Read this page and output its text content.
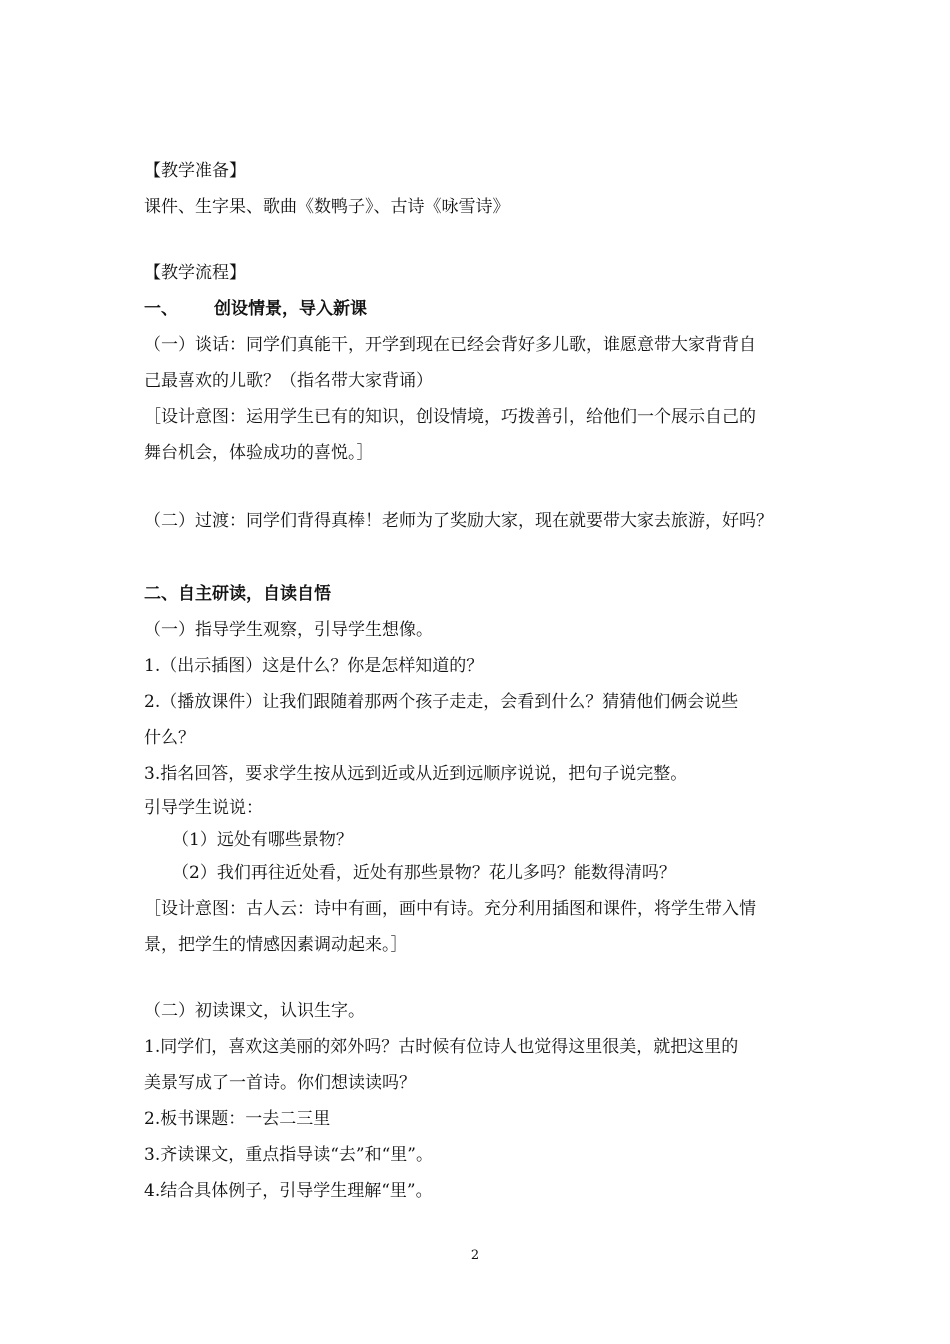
【教学准备】
课件、生字果、歌曲《数鸭子》、古诗《咏雪诗》
【教学流程】
一、 创设情景，导入新课
（一）谈话：同学们真能干，开学到现在已经会背好多儿歌，谁愿意带大家背背自
己最喜欢的儿歌？（指名带大家背诵）
［设计意图：运用学生已有的知识，创设情境，巧拨善引，给他们一个展示自己的
舞台机会，体验成功的喜悦。］
（二）过渡：同学们背得真棒！老师为了奖励大家，现在就要带大家去旅游，好吗？
二、自主研读，自读自悟
（一）指导学生观察，引导学生想像。
1.（出示插图）这是什么？你是怎样知道的？
2.（播放课件）让我们跟随着那两个孩子走走，会看到什么？猜猜他们俩会说些
什么？
3.指名回答，要求学生按从远到近或从近到远顺序说说，把句子说完整。
引导学生说说：
（1）远处有哪些景物？
（2）我们再往近处看，近处有那些景物？花儿多吗？能数得清吗？
［设计意图：古人云：诗中有画，画中有诗。充分利用插图和课件，将学生带入情
景，把学生的情感因素调动起来。］
（二）初读课文，认识生字。
1.同学们，喜欢这美丽的郊外吗？古时候有位诗人也觉得这里很美，就把这里的
美景写成了一首诗。你们想读读吗？
2.板书课题：一去二三里
3.齐读课文，重点指导读“去”和“里”。
4.结合具体例子，引导学生理解“里”。
2
